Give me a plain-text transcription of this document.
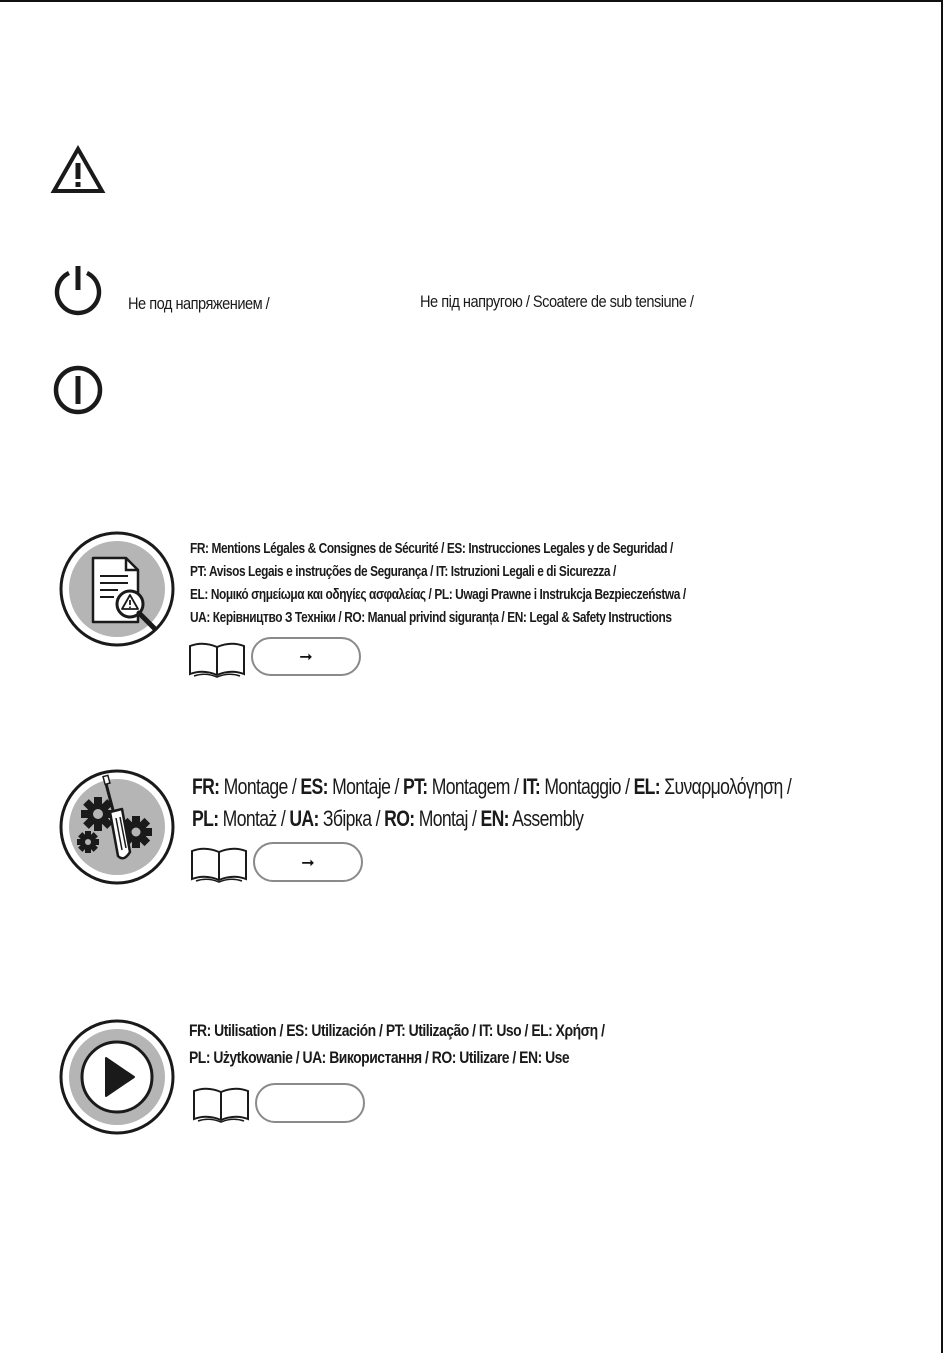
Не под напряжением /	Не під напругою / Scoatere de sub tensiune /
FR: Mentions Légales & Consignes de Sécurité / ES: Instrucciones Legales y de Seguridad /
PT: Avisos Legais e instruções de Segurança / IT: Istruzioni Legali e di Sicurezza /
EL: Νομικό σημείωμα και οδηγίες ασφαλείας / PL: Uwagi Prawne i Instrukcja Bezpieczeństwa /
UA: Керівництво З Техніки / RO: Manual privind siguranța / EN: Legal & Safety Instructions
➞
FR: Montage / ES: Montaje / PT: Montagem / IT: Montaggio / EL: Συναρμολόγηση /
PL: Montaż / UA: Збірка / RO: Montaj / EN: Assembly
➞
FR: Utilisation / ES: Utilización / PT: Utilização / IT: Uso / EL: Χρήση /
PL: Użytkowanie / UA: Використання / RO: Utilizare / EN: Use
